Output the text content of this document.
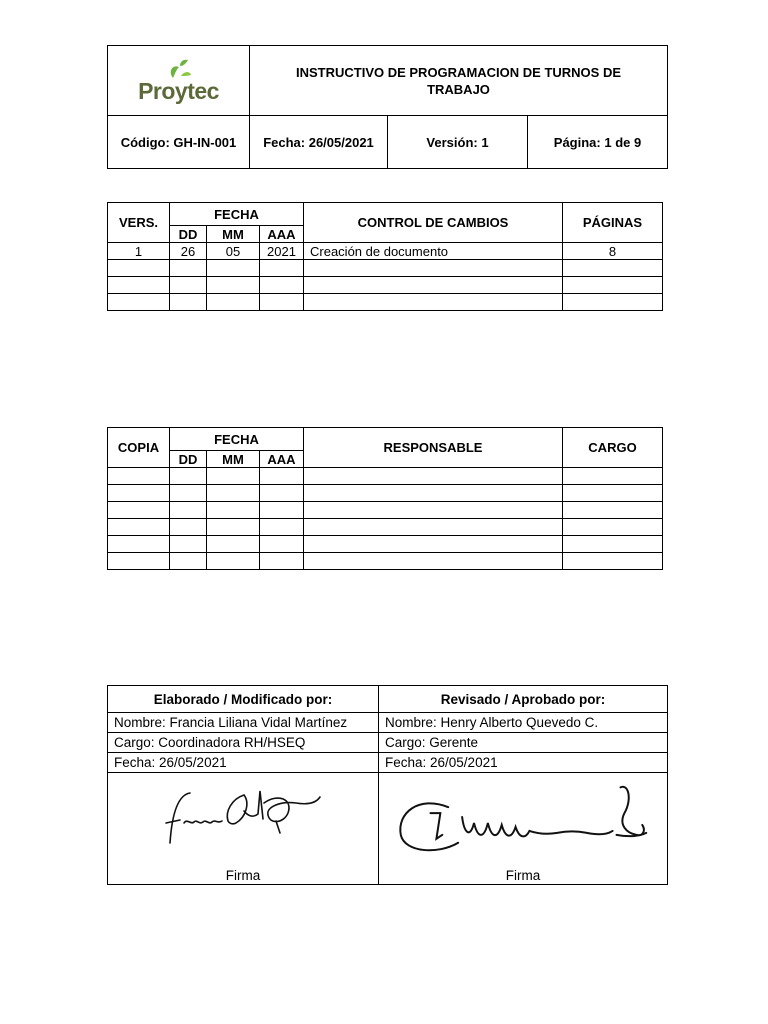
Proytec	INSTRUCTIVO DE PROGRAMACION DE TURNOS DE TRABAJO		
Código: GH-IN-001	Fecha: 26/05/2021	Versión: 1	Página: 1 de 9
VERS.	FECHA			CONTROL DE CAMBIOS	PÁGINAS
	DD	MM	AAA		
1	26	05	2021	Creación de documento	8

COPIA	FECHA			RESPONSABLE	CARGO
	DD	MM	AAA		

Elaborado / Modificado por:	Revisado / Aprobado por:
Nombre: Francia Liliana Vidal Martínez	Nombre: Henry Alberto Quevedo C.
Cargo: Coordinadora RH/HSEQ	Cargo: Gerente
Fecha: 26/05/2021	Fecha: 26/05/2021

Firma	Firma
